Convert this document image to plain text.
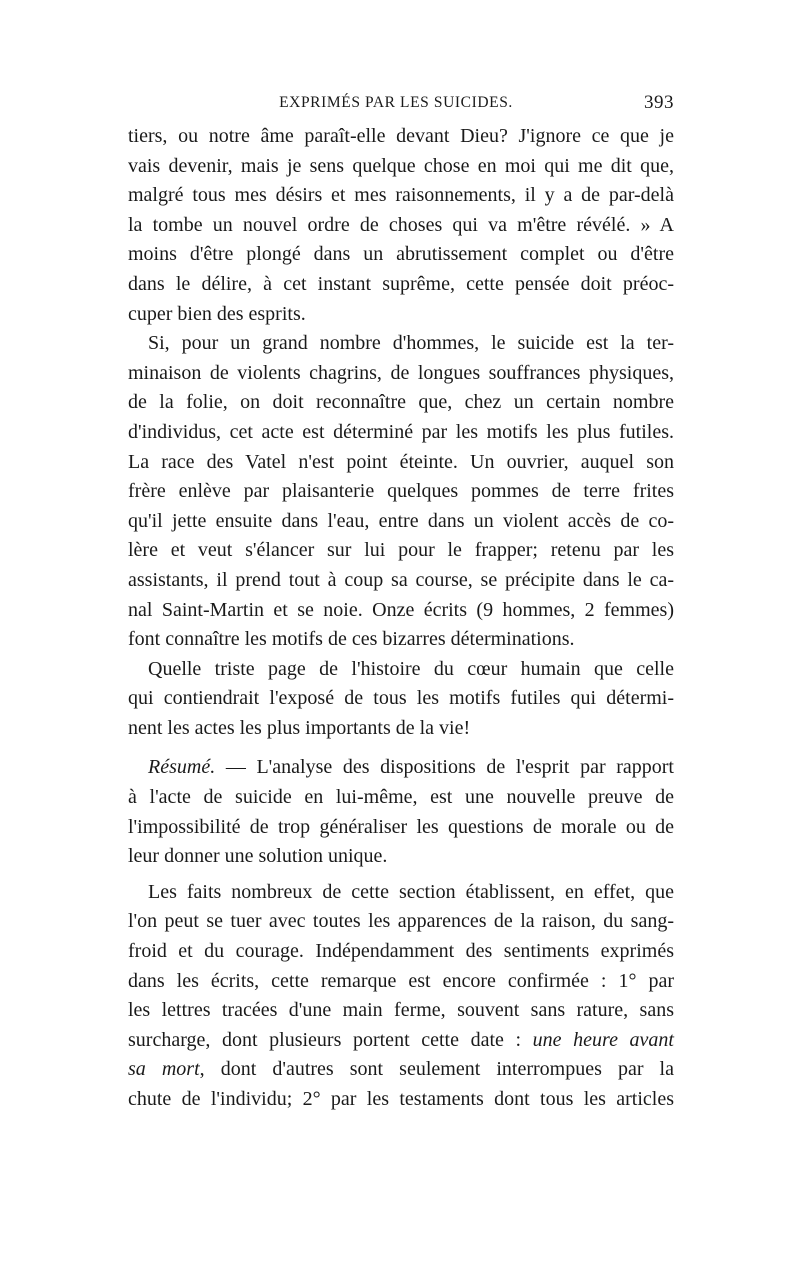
EXPRIMÉS PAR LES SUICIDES.	393
tiers, ou notre âme paraît-elle devant Dieu? J'ignore ce que je
vais devenir, mais je sens quelque chose en moi qui me dit que,
malgré tous mes désirs et mes raisonnements, il y a de par-delà
la tombe un nouvel ordre de choses qui va m'être révélé. » A
moins d'être plongé dans un abrutissement complet ou d'être
dans le délire, à cet instant suprême, cette pensée doit préoc-
cuper bien des esprits.
Si, pour un grand nombre d'hommes, le suicide est la ter-
minaison de violents chagrins, de longues souffrances physiques,
de la folie, on doit reconnaître que, chez un certain nombre
d'individus, cet acte est déterminé par les motifs les plus futiles.
La race des Vatel n'est point éteinte. Un ouvrier, auquel son
frère enlève par plaisanterie quelques pommes de terre frites
qu'il jette ensuite dans l'eau, entre dans un violent accès de co-
lère et veut s'élancer sur lui pour le frapper; retenu par les
assistants, il prend tout à coup sa course, se précipite dans le ca-
nal Saint-Martin et se noie. Onze écrits (9 hommes, 2 femmes)
font connaître les motifs de ces bizarres déterminations.
Quelle triste page de l'histoire du cœur humain que celle
qui contiendrait l'exposé de tous les motifs futiles qui détermi-
nent les actes les plus importants de la vie!
Résumé. — L'analyse des dispositions de l'esprit par rapport
à l'acte de suicide en lui-même, est une nouvelle preuve de
l'impossibilité de trop généraliser les questions de morale ou de
leur donner une solution unique.
Les faits nombreux de cette section établissent, en effet, que
l'on peut se tuer avec toutes les apparences de la raison, du sang-
froid et du courage. Indépendamment des sentiments exprimés
dans les écrits, cette remarque est encore confirmée : 1° par
les lettres tracées d'une main ferme, souvent sans rature, sans
surcharge, dont plusieurs portent cette date : une heure avant
sa mort, dont d'autres sont seulement interrompues par la
chute de l'individu; 2° par les testaments dont tous les articles
